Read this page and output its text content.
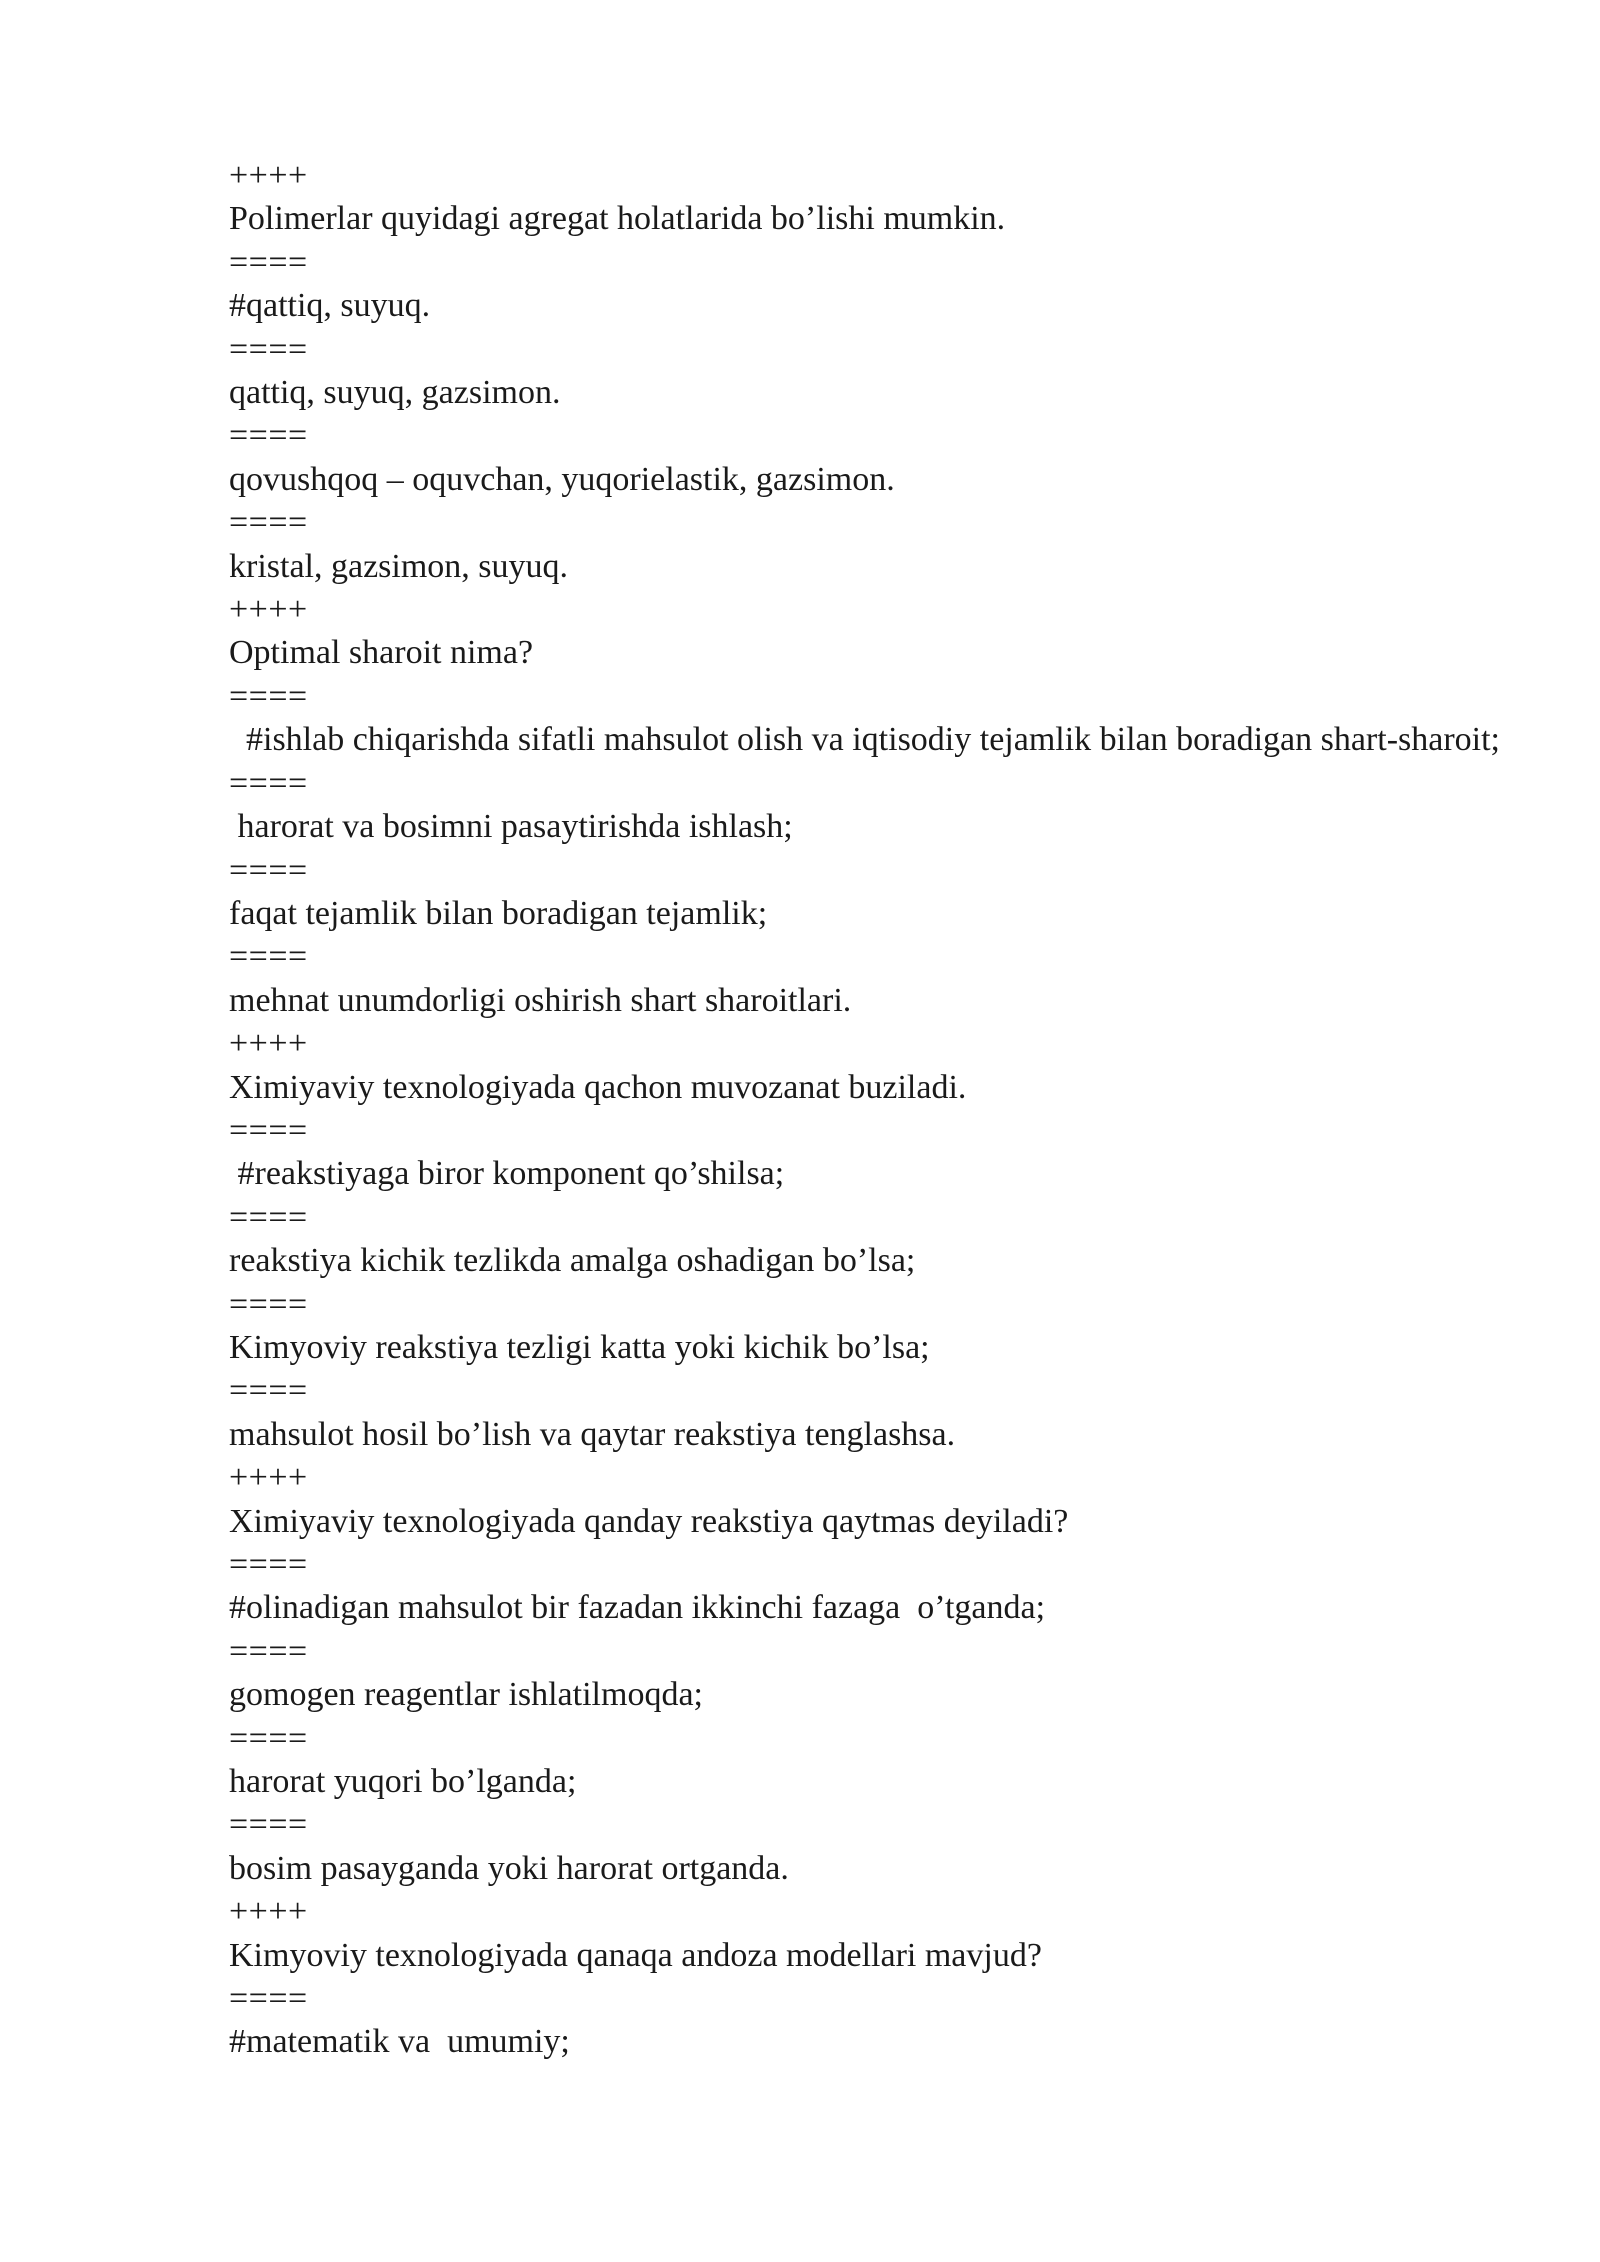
++++

Polimerlar quyidagi agregat holatlarida bo’lishi mumkin.

====

#qattiq, suyuq.

====

qattiq, suyuq, gazsimon.

====

qovushqoq – oquvchan, yuqorielastik, gazsimon.

====

kristal, gazsimon, suyuq.

++++

Optimal sharoit nima?

====

#ishlab chiqarishda sifatli mahsulot olish va iqtisodiy tejamlik bilan boradigan shart-sharoit;

====

harorat va bosimni pasaytirishda ishlash;

====

faqat tejamlik bilan boradigan tejamlik;

====

mehnat unumdorligi oshirish shart sharoitlari.

++++

Ximiyaviy texnologiyada qachon muvozanat buziladi.

====

#reakstiyaga biror komponent qo’shilsa;

====

reakstiya kichik tezlikda amalga oshadigan bo’lsa;

====

Kimyoviy reakstiya tezligi katta yoki kichik bo’lsa;

====

mahsulot hosil bo’lish va qaytar reakstiya tenglashsa.

++++

Ximiyaviy texnologiyada qanday reakstiya qaytmas deyiladi?

====

#olinadigan mahsulot bir fazadan ikkinchi fazaga  o’tganda;

====

gomogen reagentlar ishlatilmoqda;

====

harorat yuqori bo’lganda;

====

bosim pasayganda yoki harorat ortganda.

++++

Kimyoviy texnologiyada qanaqa andoza modellari mavjud?

====

#matematik va  umumiy;
